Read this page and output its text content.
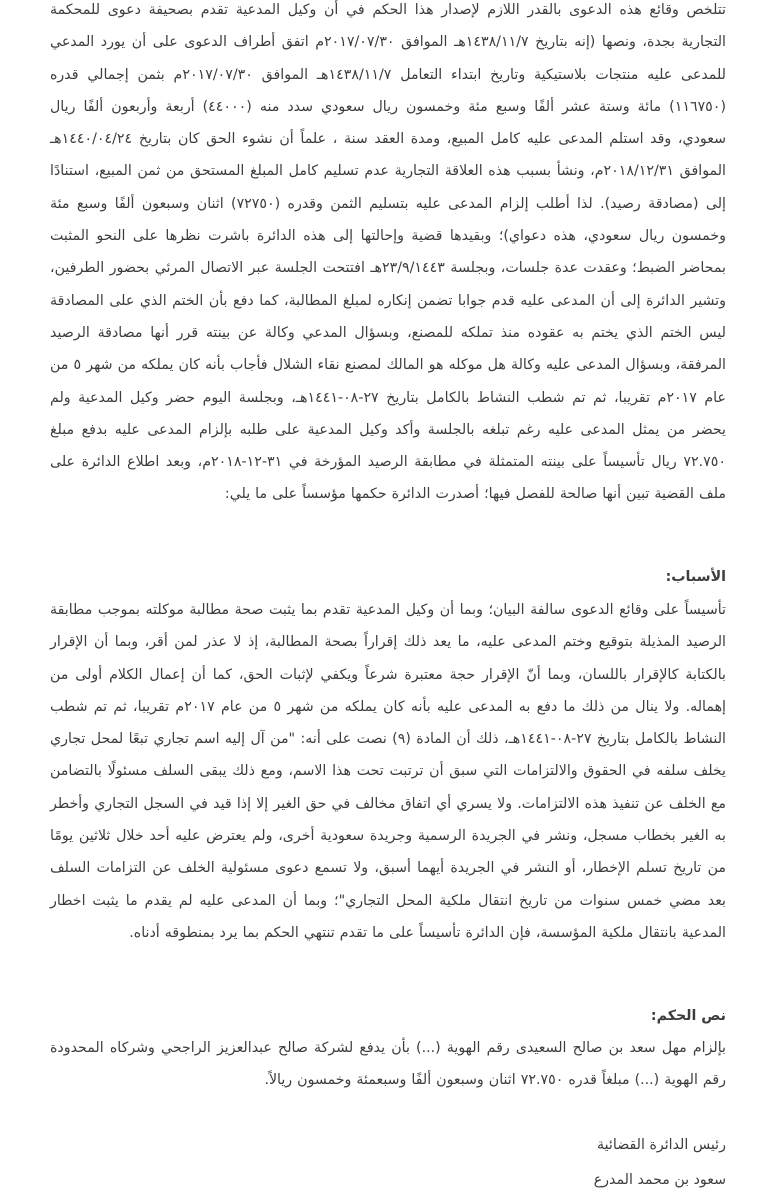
تتلخص وقائع هذه الدعوى بالقدر اللازم لإصدار هذا الحكم في أن وكيل المدعية تقدم بصحيفة دعوى للمحكمة التجارية بجدة، ونصها (إنه بتاريخ ١٤٣٨/١١/٧هـ الموافق ٢٠١٧/٠٧/٣٠م اتفق أطراف الدعوى على أن يورد المدعي للمدعى عليه منتجات بلاستيكية وتاريخ ابتداء التعامل ١٤٣٨/١١/٧هـ الموافق ٢٠١٧/٠٧/٣٠م بثمن إجمالي قدره (١١٦٧٥٠) مائة وستة عشر ألفًا وسبع مئة وخمسون ريال سعودي سدد منه (٤٤٠٠٠) أربعة وأربعون ألفًا ريال سعودي، وقد استلم المدعى عليه كامل المبيع، ومدة العقد سنة ، علماً أن نشوء الحق كان بتاريخ ١٤٤٠/٠٤/٢٤هـ الموافق ٢٠١٨/١٢/٣١م، ونشأ بسبب هذه العلاقة التجارية عدم تسليم كامل المبلغ المستحق من ثمن المبيع، استنادًا إلى (مصادقة رصيد). لذا أطلب إلزام المدعى عليه بتسليم الثمن وقدره (٧٢٧٥٠) اثنان وسبعون ألفًا وسبع مئة وخمسون ريال سعودي، هذه دعواي)؛ وبقيدها قضية وإحالتها إلى هذه الدائرة باشرت نظرها على النحو المثبت بمحاضر الضبط؛ وعقدت عدة جلسات، وبجلسة ٢٣/٩/١٤٤٣هـ افتتحت الجلسة عبر الاتصال المرئي بحضور الطرفين، وتشير الدائرة إلى أن المدعى عليه قدم جوابا تضمن إنكاره لمبلغ المطالبة، كما دفع بأن الختم الذي على المصادقة ليس الختم الذي يختم به عقوده منذ تملكه للمصنع، وبسؤال المدعي وكالة عن بينته قرر أنها مصادقة الرصيد المرفقة، وبسؤال المدعى عليه وكالة هل موكله هو المالك لمصنع نقاء الشلال فأجاب بأنه كان يملكه من شهر ٥ من عام ٢٠١٧م تقريبا، ثم تم شطب النشاط بالكامل بتاريخ ٢٧-٠٨-١٤٤١هـ، وبجلسة اليوم حضر وكيل المدعية ولم يحضر من يمثل المدعى عليه رغم تبلغه بالجلسة وأكد وكيل المدعية على طلبه بإلزام المدعى عليه بدفع مبلغ ٧٢.٧٥٠ ريال تأسيساً على بينته المتمثلة في مطابقة الرصيد المؤرخة في ٣١-١٢-٢٠١٨م، وبعد اطلاع الدائرة على ملف القضية تبين أنها صالحة للفصل فيها؛ أصدرت الدائرة حكمها مؤسساً على ما يلي:

الأسباب:

تأسيساً على وقائع الدعوى سالفة البيان؛ وبما أن وكيل المدعية تقدم بما يثبت صحة مطالبة موكلته بموجب مطابقة الرصيد المذيلة بتوقيع وختم المدعى عليه، ما يعد ذلك إقراراً بصحة المطالبة، إذ لا عذر لمن أقر، وبما أن الإقرار بالكتابة كالإقرار باللسان، وبما أنّ الإقرار حجة معتبرة شرعاً ويكفي لإثبات الحق، كما أن إعمال الكلام أولى من إهماله. ولا ينال من ذلك ما دفع به المدعى عليه بأنه كان يملكه من شهر ٥ من عام ٢٠١٧م تقريبا، ثم تم شطب النشاط بالكامل بتاريخ ٢٧-٠٨-١٤٤١هـ، ذلك أن المادة (٩) نصت على أنه: "من آل إليه اسم تجاري تبعًا لمحل تجاري يخلف سلفه في الحقوق والالتزامات التي سبق أن ترتبت تحت هذا الاسم، ومع ذلك يبقى السلف مسئولًا بالتضامن مع الخلف عن تنفيذ هذه الالتزامات. ولا يسري أي اتفاق مخالف في حق الغير إلا إذا قيد في السجل التجاري وأخطر به الغير بخطاب مسجل، ونشر في الجريدة الرسمية وجريدة سعودية أخرى، ولم يعترض عليه أحد خلال ثلاثين يومًا من تاريخ تسلم الإخطار، أو النشر في الجريدة أيهما أسبق، ولا تسمع دعوى مسئولية الخلف عن التزامات السلف بعد مضي خمس سنوات من تاريخ انتقال ملكية المحل التجاري"؛ وبما أن المدعى عليه لم يقدم ما يثبت اخطار المدعية بانتقال ملكية المؤسسة، فإن الدائرة تأسيساً على ما تقدم تنتهي الحكم بما يرد بمنطوقه أدناه.

نص الحكم:

بإلزام مهل سعد بن صالح السعيدى رقم الهوية (...) بأن يدفع لشركة صالح عبدالعزيز الراجحي وشركاه المحدودة رقم الهوية (...) مبلغاً قدره ٧٢.٧٥٠ اثنان وسبعون ألفًا وسبعمئة وخمسون ريالاً.

رئيس الدائرة القضائية
سعود بن محمد المدرع
